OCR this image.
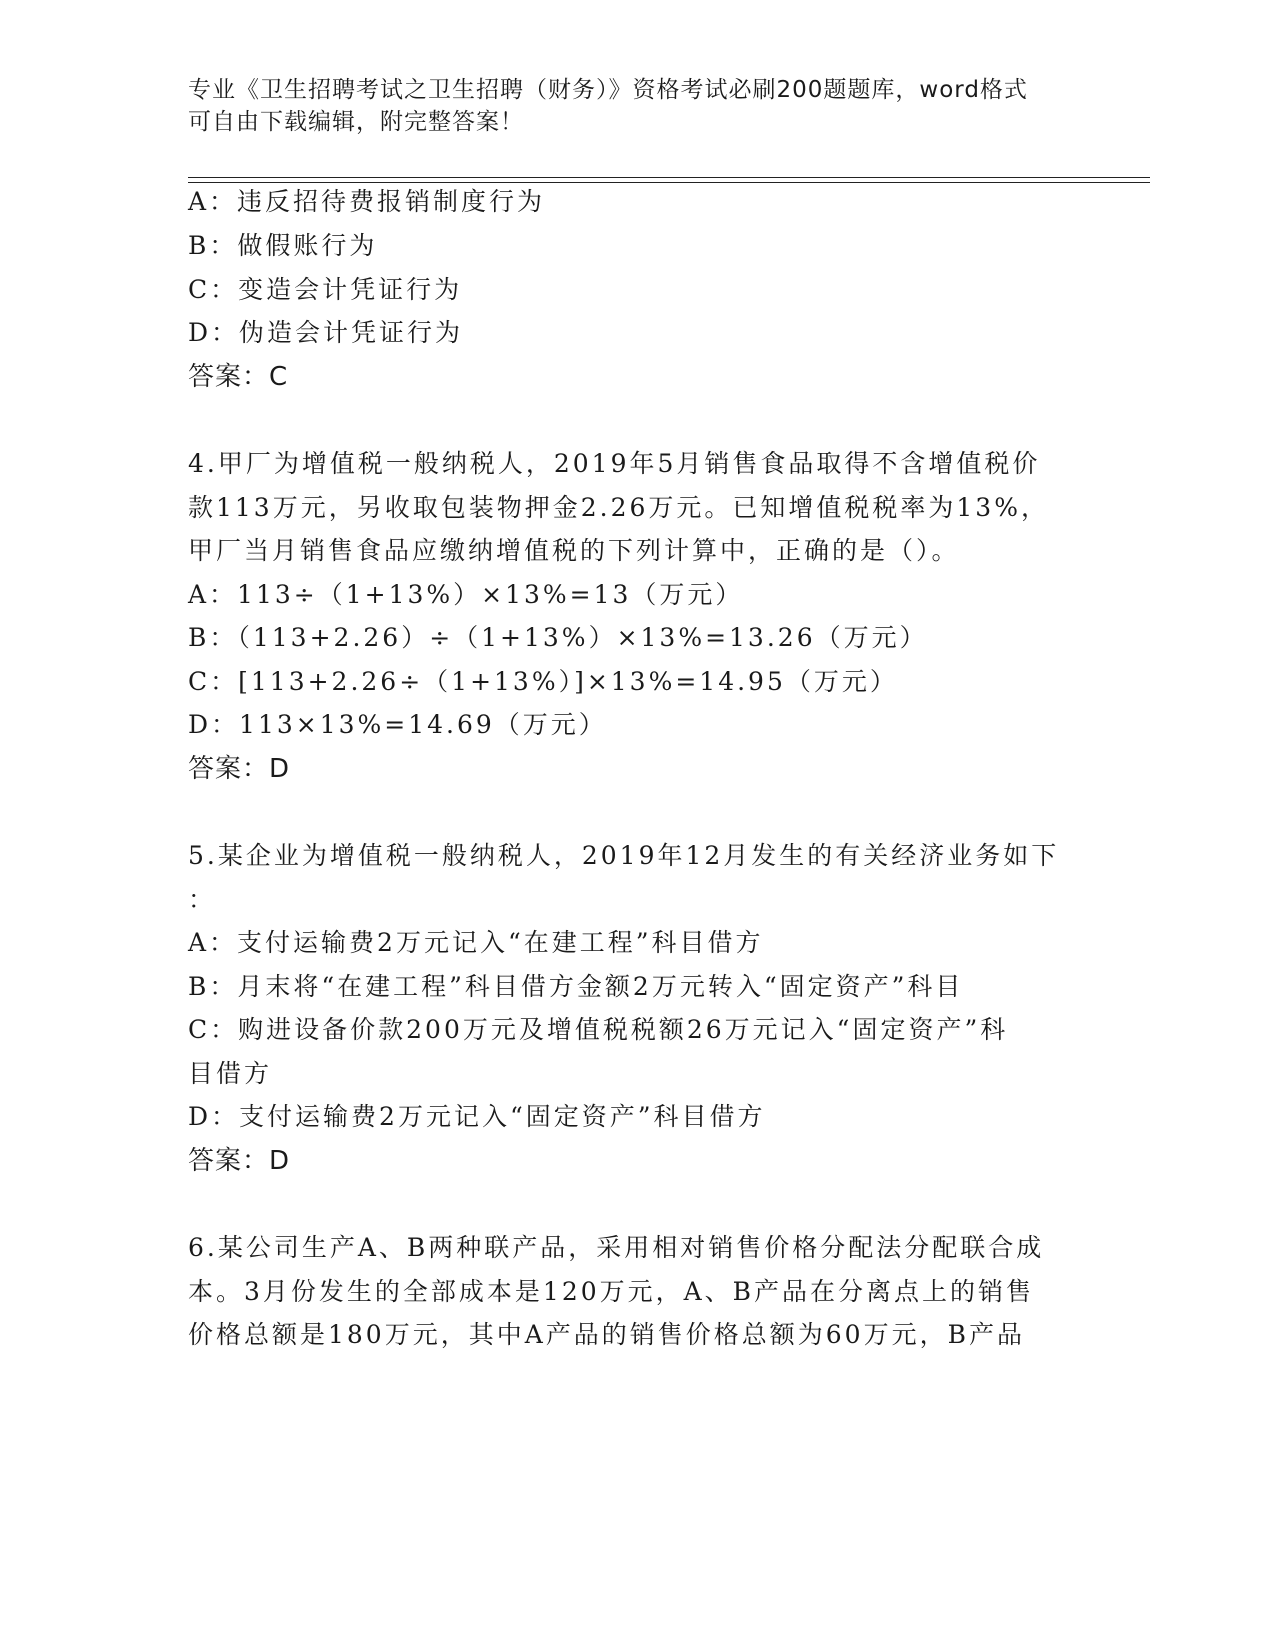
专业《卫生招聘考试之卫生招聘（财务）》资格考试必刷200题题库，word格式
可自由下载编辑，附完整答案！
A：违反招待费报销制度行为
B：做假账行为
C：变造会计凭证行为
D：伪造会计凭证行为
答案：C
4.甲厂为增值税一般纳税人，2019年5月销售食品取得不含增值税价
款113万元，另收取包装物押金2.26万元。已知增值税税率为13%，
甲厂当月销售食品应缴纳增值税的下列计算中，正确的是（）。
A：113÷（1+13%）×13%=13（万元）
B：（113+2.26）÷（1+13%）×13%=13.26（万元）
C：[113+2.26÷（1+13%）]×13%=14.95（万元）
D：113×13%=14.69（万元）
答案：D
5.某企业为增值税一般纳税人，2019年12月发生的有关经济业务如下
：
A：支付运输费2万元记入“在建工程”科目借方
B：月末将“在建工程”科目借方金额2万元转入“固定资产”科目
C：购进设备价款200万元及增值税税额26万元记入“固定资产”科
目借方
D：支付运输费2万元记入“固定资产”科目借方
答案：D
6.某公司生产A、B两种联产品，采用相对销售价格分配法分配联合成
本。3月份发生的全部成本是120万元，A、B产品在分离点上的销售
价格总额是180万元，其中A产品的销售价格总额为60万元，B产品
